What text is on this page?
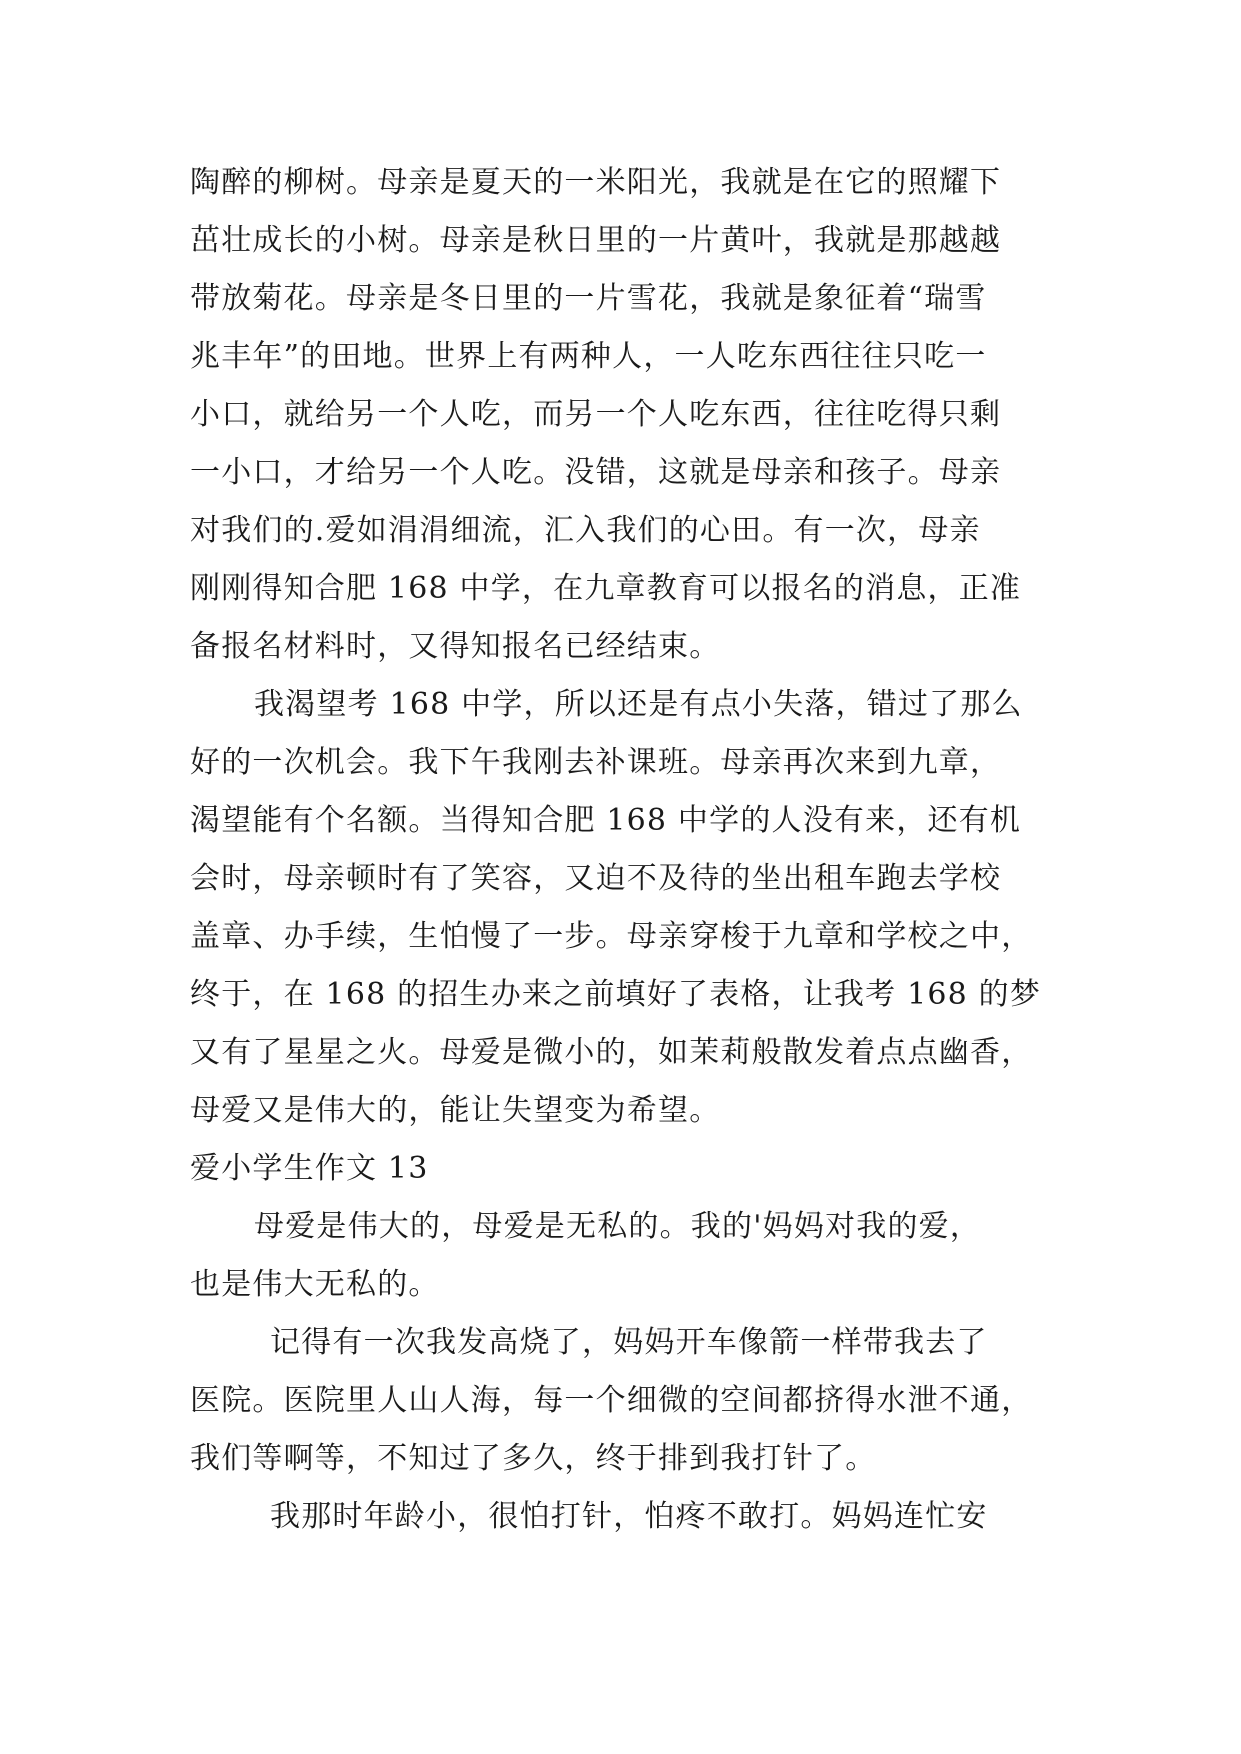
陶醉的柳树。母亲是夏天的一米阳光，我就是在它的照耀下
茁壮成长的小树。母亲是秋日里的一片黄叶，我就是那越越
带放菊花。母亲是冬日里的一片雪花，我就是象征着“瑞雪
兆丰年”的田地。世界上有两种人，一人吃东西往往只吃一
小口，就给另一个人吃，而另一个人吃东西，往往吃得只剩
一小口，才给另一个人吃。没错，这就是母亲和孩子。母亲
对我们的.爱如涓涓细流，汇入我们的心田。有一次，母亲
刚刚得知合肥 168 中学，在九章教育可以报名的消息，正准
备报名材料时，又得知报名已经结束。
我渴望考 168 中学，所以还是有点小失落，错过了那么
好的一次机会。我下午我刚去补课班。母亲再次来到九章，
渴望能有个名额。当得知合肥 168 中学的人没有来，还有机
会时，母亲顿时有了笑容，又迫不及待的坐出租车跑去学校
盖章、办手续，生怕慢了一步。母亲穿梭于九章和学校之中，
终于，在 168 的招生办来之前填好了表格，让我考 168 的梦
又有了星星之火。母爱是微小的，如茉莉般散发着点点幽香，
母爱又是伟大的，能让失望变为希望。
爱小学生作文 13
母爱是伟大的，母爱是无私的。我的'妈妈对我的爱，
也是伟大无私的。
记得有一次我发高烧了，妈妈开车像箭一样带我去了
医院。医院里人山人海，每一个细微的空间都挤得水泄不通，
我们等啊等，不知过了多久，终于排到我打针了。
我那时年龄小，很怕打针，怕疼不敢打。妈妈连忙安
